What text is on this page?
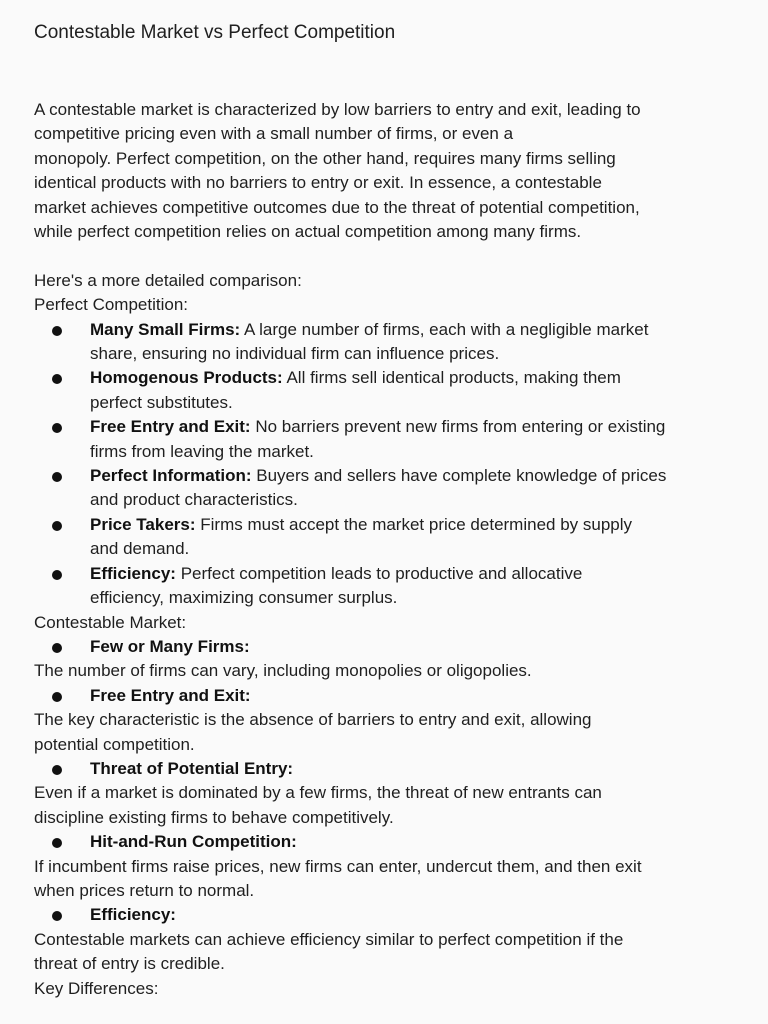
Contestable Market vs Perfect Competition

A contestable market is characterized by low barriers to entry and exit, leading to
competitive pricing even with a small number of firms, or even a
monopoly. Perfect competition, on the other hand, requires many firms selling
identical products with no barriers to entry or exit. In essence, a contestable
market achieves competitive outcomes due to the threat of potential competition,
while perfect competition relies on actual competition among many firms.

Here's a more detailed comparison:
Perfect Competition:
Many Small Firms: A large number of firms, each with a negligible market
share, ensuring no individual firm can influence prices.
Homogenous Products: All firms sell identical products, making them
perfect substitutes.
Free Entry and Exit: No barriers prevent new firms from entering or existing
firms from leaving the market.
Perfect Information: Buyers and sellers have complete knowledge of prices
and product characteristics.
Price Takers: Firms must accept the market price determined by supply
and demand.
Efficiency: Perfect competition leads to productive and allocative
efficiency, maximizing consumer surplus.
Contestable Market:
Few or Many Firms:
The number of firms can vary, including monopolies or oligopolies.
Free Entry and Exit:
The key characteristic is the absence of barriers to entry and exit, allowing
potential competition.
Threat of Potential Entry:
Even if a market is dominated by a few firms, the threat of new entrants can
discipline existing firms to behave competitively.
Hit-and-Run Competition:
If incumbent firms raise prices, new firms can enter, undercut them, and then exit
when prices return to normal.
Efficiency:
Contestable markets can achieve efficiency similar to perfect competition if the
threat of entry is credible.
Key Differences:
